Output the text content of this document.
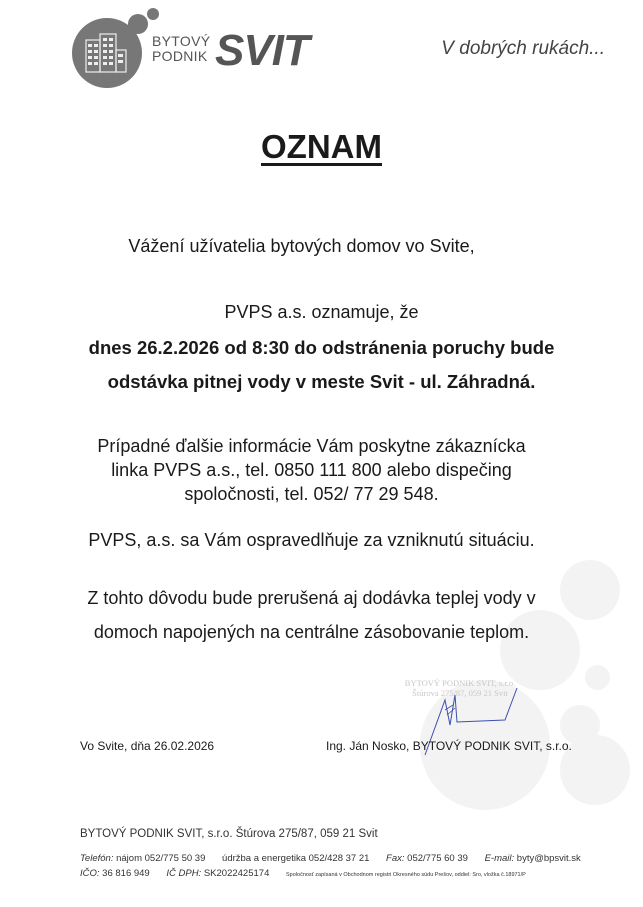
BYTOVÝ
PODNIK SVIT	V dobrých rukách...
OZNAM
Vážení užívatelia bytových domov vo Svite,
PVPS a.s. oznamuje, že
dnes 26.2.2026 od 8:30 do odstránenia poruchy bude
odstávka pitnej vody v meste Svit - ul. Záhradná.
Prípadné ďalšie informácie Vám poskytne zákaznícka
linka PVPS a.s., tel. 0850 111 800 alebo dispečing
spoločnosti, tel. 052/ 77 29 548.
PVPS, a.s. sa Vám ospravedlňuje za vzniknutú situáciu.
Z tohto dôvodu bude prerušená aj dodávka teplej vody v
domoch napojených na centrálne zásobovanie teplom.
BYTOVÝ PODNIK SVIT, s.r.o.
Štúrova 275/87, 059 21 Svit
Vo Svite, dňa 26.02.2026	Ing. Ján Nosko, BYTOVÝ PODNIK SVIT, s.r.o.
BYTOVÝ PODNIK SVIT, s.r.o. Štúrova 275/87, 059 21 Svit
Telefón: nájom 052/775 50 39 údržba a energetika 052/428 37 21 Fax: 052/775 60 39 E-mail: byty@bpsvit.sk
IČO: 36 816 949 IČ DPH: SK2022425174	Spoločnosť zapísaná v Obchodnom registri Okresného súdu Prešov, oddiel: Sro, vložka č.18971/P
